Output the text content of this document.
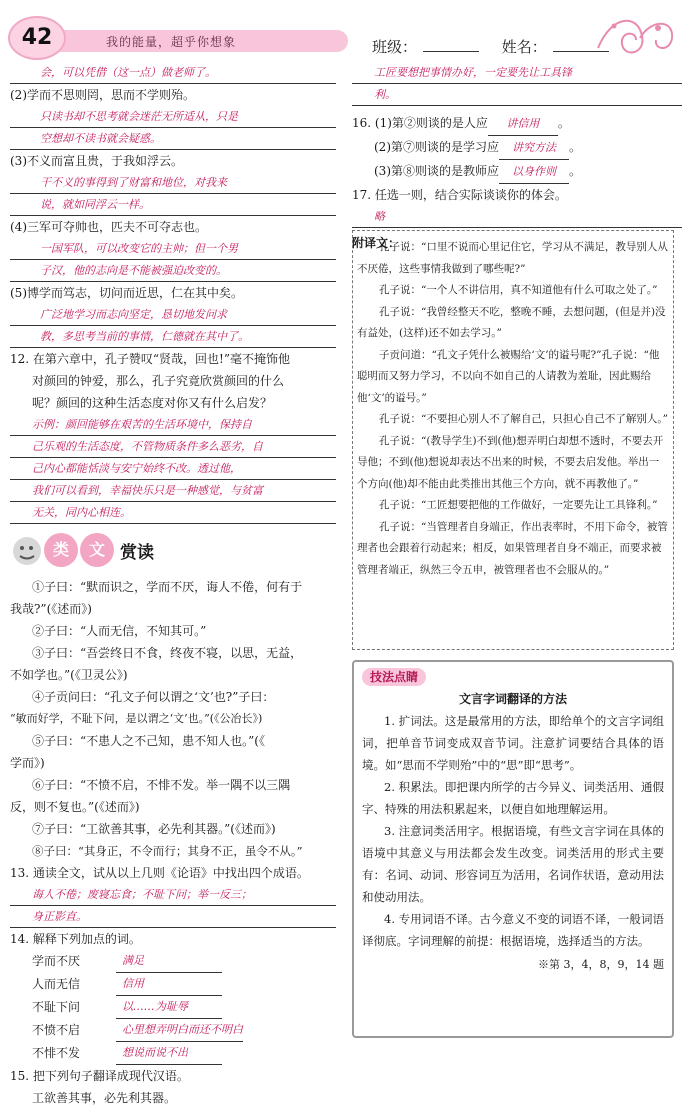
我的能量，超乎你想象
42	班级：	姓名：
会，可以凭借（这一点）做老师了。
(2)学而不思则罔，思而不学则殆。
只读书却不思考就会迷茫无所适从，只是
空想却不读书就会疑惑。
(3)不义而富且贵，于我如浮云。
干不义的事得到了财富和地位，对我来
说，就如同浮云一样。
(4)三军可夺帅也，匹夫不可夺志也。
一国军队，可以改变它的主帅；但一个男
子汉，他的志向是不能被强迫改变的。
(5)博学而笃志，切问而近思，仁在其中矣。
广泛地学习而志向坚定，恳切地发问求
教，多思考当前的事情，仁德就在其中了。
12. 在第六章中，孔子赞叹“贤哉，回也!”毫不掩饰他
对颜回的钟爱，那么，孔子究竟欣赏颜回的什么
呢？颜回的这种生活态度对你又有什么启发？
示例：颜回能够在艰苦的生活环境中，保持自
己乐观的生活态度，不管物质条件多么恶劣，自
己内心都能恬淡与安宁始终不改。透过他，
我们可以看到，幸福快乐只是一种感觉，与贫富
无关，同内心相连。
类	文 赏读
①子曰：“默而识之，学而不厌，诲人不倦，何有于
我哉?”(《述而》)
②子曰：“人而无信，不知其可。”
③子曰：“吾尝终日不食，终夜不寝，以思，无益，
不如学也。”(《卫灵公》)
④子贡问曰：“孔文子何以谓之‘文’也?”子曰：
“敏而好学，不耻下问，是以谓之‘文’也。”(《公冶长》)
⑤子曰：“不患人之不己知，患不知人也。”(《
学而》)
⑥子曰：“不愤不启，不悱不发。举一隅不以三隅
反，则不复也。”(《述而》)
⑦子曰：“工欲善其事，必先利其器。”(《述而》)
⑧子曰：“其身正，不令而行；其身不正，虽令不从。”
13. 通读全文，试从以上几则《论语》中找出四个成语。
诲人不倦；废寝忘食；不耻下问；举一反三；
身正影直。
14. 解释下列加点的词。
学而不厌	满足
人而无信	信用
不耻下问	以……为耻辱
不愤不启	心里想弄明白而还不明白
不悱不发	想说而说不出
15. 把下列句子翻译成现代汉语。
工欲善其事，必先利其器。
工匠要想把事情办好，一定要先让工具锋
利。
16. (1)第②则谈的是人应 讲信用 。
(2)第⑦则谈的是学习应 讲究方法 。
(3)第⑧则谈的是教师应 以身作则 。
17. 任选一则，结合实际谈谈你的体会。
略
附译文：

孔子说：“口里不说而心里记住它，学习从不满足，教导别人从不厌倦，这些事情我做到了哪些呢?”

孔子说：“一个人不讲信用，真不知道他有什么可取之处了。”

孔子说：“我曾经整天不吃，整晚不睡，去想问题，(但是并)没有益处，(这样)还不如去学习。”

子贡问道：“孔文子凭什么被赐给‘文’的谥号呢?”孔子说：“他聪明而又努力学习，不以向不如自己的人请教为羞耻，因此赐给他‘文’的谥号。”

孔子说：“不要担心别人不了解自己，只担心自己不了解别人。”

孔子说：“(教导学生)不到(他)想弄明白却想不透时，不要去开导他；不到(他)想说却表达不出来的时候，不要去启发他。举出一个方向(他)却不能由此类推出其他三个方向，就不再教他了。”

孔子说：“工匠想要把他的工作做好，一定要先让工具锋利。”

孔子说：“当管理者自身端正，作出表率时，不用下命令，被管理者也会跟着行动起来；相反，如果管理者自身不端正，而要求被管理者端正，纵然三令五申，被管理者也不会服从的。”

技法点睛
文言字词翻译的方法

1. 扩词法。这是最常用的方法，即给单个的文言字词组词，把单音节词变成双音节词。注意扩词要结合具体的语境。如“思而不学则殆”中的“思”即“思考”。

2. 积累法。即把课内所学的古今异义、词类活用、通假字、特殊的用法积累起来，以便自如地理解运用。

3. 注意词类活用字。根据语境，有些文言字词在具体的语境中其意义与用法都会发生改变。词类活用的形式主要有：名词、动词、形容词互为活用，名词作状语，意动用法和使动用法。

4. 专用词语不译。古今意义不变的词语不译，一般词语译彻底。字词理解的前提：根据语境，选择适当的方法。

※第 3，4，8，9，14 题
